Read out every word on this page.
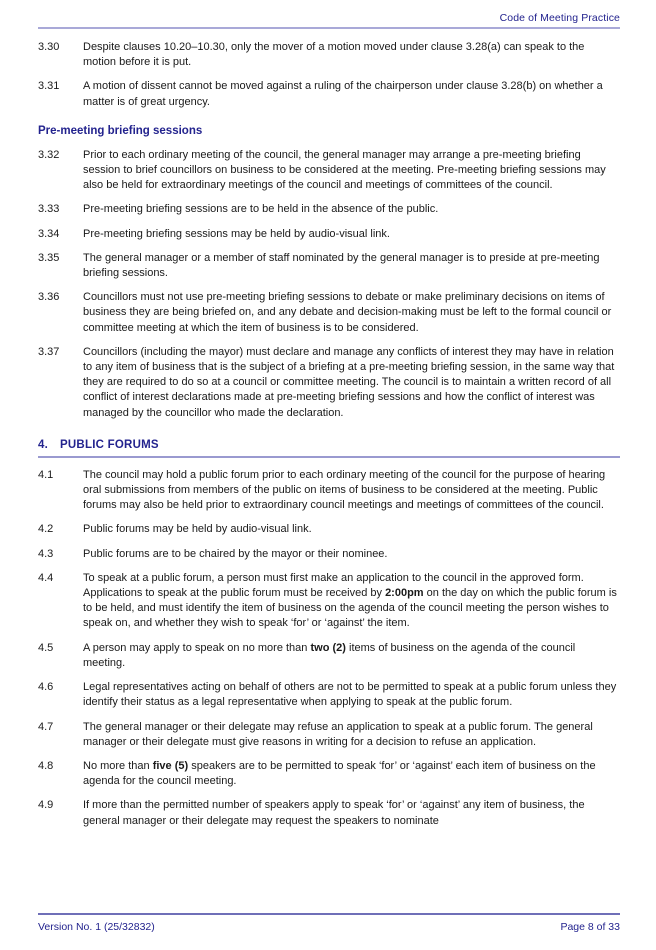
Code of Meeting Practice
3.30	Despite clauses 10.20–10.30, only the mover of a motion moved under clause 3.28(a) can speak to the motion before it is put.
3.31	A motion of dissent cannot be moved against a ruling of the chairperson under clause 3.28(b) on whether a matter is of great urgency.
Pre-meeting briefing sessions
3.32	Prior to each ordinary meeting of the council, the general manager may arrange a pre-meeting briefing session to brief councillors on business to be considered at the meeting. Pre-meeting briefing sessions may also be held for extraordinary meetings of the council and meetings of committees of the council.
3.33	Pre-meeting briefing sessions are to be held in the absence of the public.
3.34	Pre-meeting briefing sessions may be held by audio-visual link.
3.35	The general manager or a member of staff nominated by the general manager is to preside at pre-meeting briefing sessions.
3.36	Councillors must not use pre-meeting briefing sessions to debate or make preliminary decisions on items of business they are being briefed on, and any debate and decision-making must be left to the formal council or committee meeting at which the item of business is to be considered.
3.37	Councillors (including the mayor) must declare and manage any conflicts of interest they may have in relation to any item of business that is the subject of a briefing at a pre-meeting briefing session, in the same way that they are required to do so at a council or committee meeting. The council is to maintain a written record of all conflict of interest declarations made at pre-meeting briefing sessions and how the conflict of interest was managed by the councillor who made the declaration.
4.	PUBLIC FORUMS
4.1	The council may hold a public forum prior to each ordinary meeting of the council for the purpose of hearing oral submissions from members of the public on items of business to be considered at the meeting. Public forums may also be held prior to extraordinary council meetings and meetings of committees of the council.
4.2	Public forums may be held by audio-visual link.
4.3	Public forums are to be chaired by the mayor or their nominee.
4.4	To speak at a public forum, a person must first make an application to the council in the approved form. Applications to speak at the public forum must be received by 2:00pm on the day on which the public forum is to be held, and must identify the item of business on the agenda of the council meeting the person wishes to speak on, and whether they wish to speak ‘for’ or ‘against’ the item.
4.5	A person may apply to speak on no more than two (2) items of business on the agenda of the council meeting.
4.6	Legal representatives acting on behalf of others are not to be permitted to speak at a public forum unless they identify their status as a legal representative when applying to speak at the public forum.
4.7	The general manager or their delegate may refuse an application to speak at a public forum. The general manager or their delegate must give reasons in writing for a decision to refuse an application.
4.8	No more than five (5) speakers are to be permitted to speak ‘for’ or ‘against’ each item of business on the agenda for the council meeting.
4.9	If more than the permitted number of speakers apply to speak ‘for’ or ‘against’ any item of business, the general manager or their delegate may request the speakers to nominate
Version No. 1 (25/32832)	Page 8 of 33
